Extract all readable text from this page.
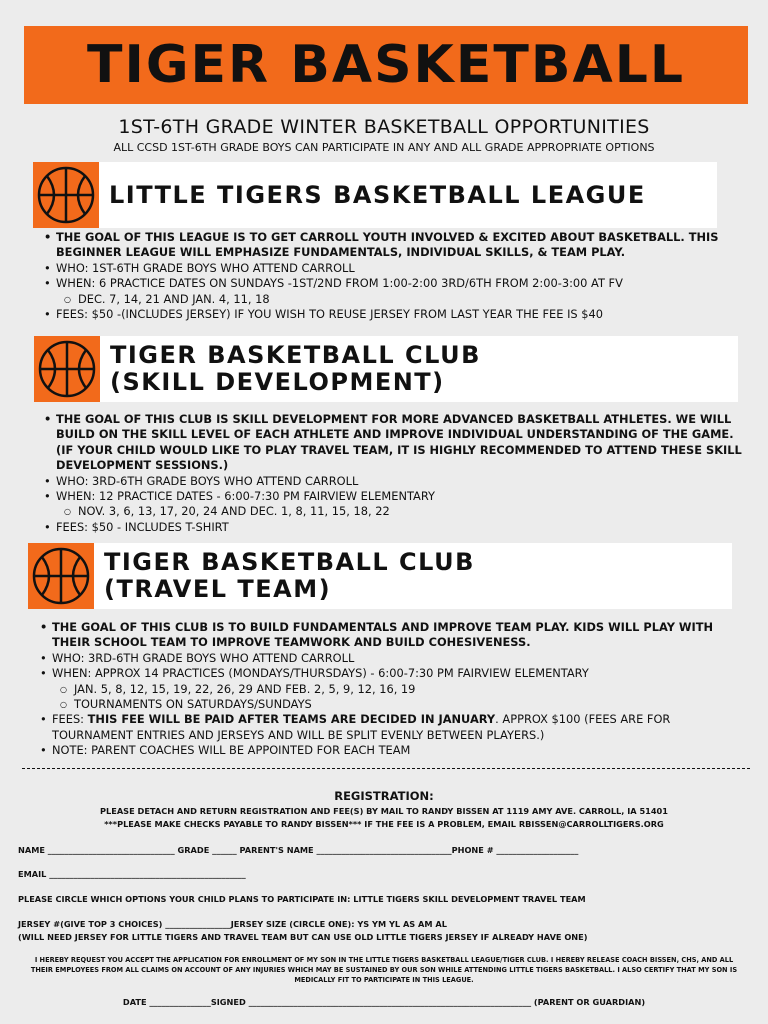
TIGER BASKETBALL
1ST-6TH GRADE WINTER BASKETBALL OPPORTUNITIES
ALL CCSD 1ST-6TH GRADE BOYS CAN PARTICIPATE IN ANY AND ALL GRADE APPROPRIATE OPTIONS
LITTLE TIGERS BASKETBALL LEAGUE
• THE GOAL OF THIS LEAGUE IS TO GET CARROLL YOUTH INVOLVED & EXCITED ABOUT BASKETBALL. THIS BEGINNER LEAGUE WILL EMPHASIZE FUNDAMENTALS, INDIVIDUAL SKILLS, & TEAM PLAY.
• WHO: 1ST-6TH GRADE BOYS WHO ATTEND CARROLL
• WHEN: 6 PRACTICE DATES ON SUNDAYS -1ST/2ND FROM 1:00-2:00 3RD/6TH FROM 2:00-3:00 AT FV
○ DEC. 7, 14, 21 AND JAN. 4, 11, 18
• FEES: $50 -(INCLUDES JERSEY) IF YOU WISH TO REUSE JERSEY FROM LAST YEAR THE FEE IS $40
TIGER BASKETBALL CLUB
(SKILL DEVELOPMENT)
• THE GOAL OF THIS CLUB IS SKILL DEVELOPMENT FOR MORE ADVANCED BASKETBALL ATHLETES. WE WILL BUILD ON THE SKILL LEVEL OF EACH ATHLETE AND IMPROVE INDIVIDUAL UNDERSTANDING OF THE GAME. (IF YOUR CHILD WOULD LIKE TO PLAY TRAVEL TEAM, IT IS HIGHLY RECOMMENDED TO ATTEND THESE SKILL DEVELOPMENT SESSIONS.)
• WHO: 3RD-6TH GRADE BOYS WHO ATTEND CARROLL
• WHEN: 12 PRACTICE DATES - 6:00-7:30 PM FAIRVIEW ELEMENTARY
○ NOV. 3, 6, 13, 17, 20, 24 AND DEC. 1, 8, 11, 15, 18, 22
• FEES: $50 - INCLUDES T-SHIRT
TIGER BASKETBALL CLUB
(TRAVEL TEAM)
• THE GOAL OF THIS CLUB IS TO BUILD FUNDAMENTALS AND IMPROVE TEAM PLAY. KIDS WILL PLAY WITH THEIR SCHOOL TEAM TO IMPROVE TEAMWORK AND BUILD COHESIVENESS.
• WHO: 3RD-6TH GRADE BOYS WHO ATTEND CARROLL
• WHEN: APPROX 14 PRACTICES (MONDAYS/THURSDAYS) - 6:00-7:30 PM FAIRVIEW ELEMENTARY
○ JAN. 5, 8, 12, 15, 19, 22, 26, 29 AND FEB. 2, 5, 9, 12, 16, 19
○ TOURNAMENTS ON SATURDAYS/SUNDAYS
• FEES: THIS FEE WILL BE PAID AFTER TEAMS ARE DECIDED IN JANUARY. APPROX $100 (FEES ARE FOR TOURNAMENT ENTRIES AND JERSEYS AND WILL BE SPLIT EVENLY BETWEEN PLAYERS.)
• NOTE: PARENT COACHES WILL BE APPOINTED FOR EACH TEAM
REGISTRATION:
PLEASE DETACH AND RETURN REGISTRATION AND FEE(S) BY MAIL TO RANDY BISSEN AT 1119 AMY AVE. CARROLL, IA 51401
***PLEASE MAKE CHECKS PAYABLE TO RANDY BISSEN*** IF THE FEE IS A PROBLEM, EMAIL RBISSEN@CARROLLTIGERS.ORG
NAME _______________________________ GRADE ______ PARENT'S NAME _________________________________PHONE # ____________________
EMAIL ________________________________________________
PLEASE CIRCLE WHICH OPTIONS YOUR CHILD PLANS TO PARTICIPATE IN: LITTLE TIGERS SKILL DEVELOPMENT TRAVEL TEAM
JERSEY #(GIVE TOP 3 CHOICES) ________________JERSEY SIZE (CIRCLE ONE): YS YM YL AS AM AL
(WILL NEED JERSEY FOR LITTLE TIGERS AND TRAVEL TEAM BUT CAN USE OLD LITTLE TIGERS JERSEY IF ALREADY HAVE ONE)
I HEREBY REQUEST YOU ACCEPT THE APPLICATION FOR ENROLLMENT OF MY SON IN THE LITTLE TIGERS BASKETBALL LEAGUE/TIGER CLUB. I HEREBY RELEASE COACH BISSEN, CHS, AND ALL THEIR EMPLOYEES FROM ALL CLAIMS ON ACCOUNT OF ANY INJURIES WHICH MAY BE SUSTAINED BY OUR SON WHILE ATTENDING LITTLE TIGERS BASKETBALL. I ALSO CERTIFY THAT MY SON IS MEDICALLY FIT TO PARTICIPATE IN THIS LEAGUE.
DATE _______________SIGNED _____________________________________________________________________ (PARENT OR GUARDIAN)
